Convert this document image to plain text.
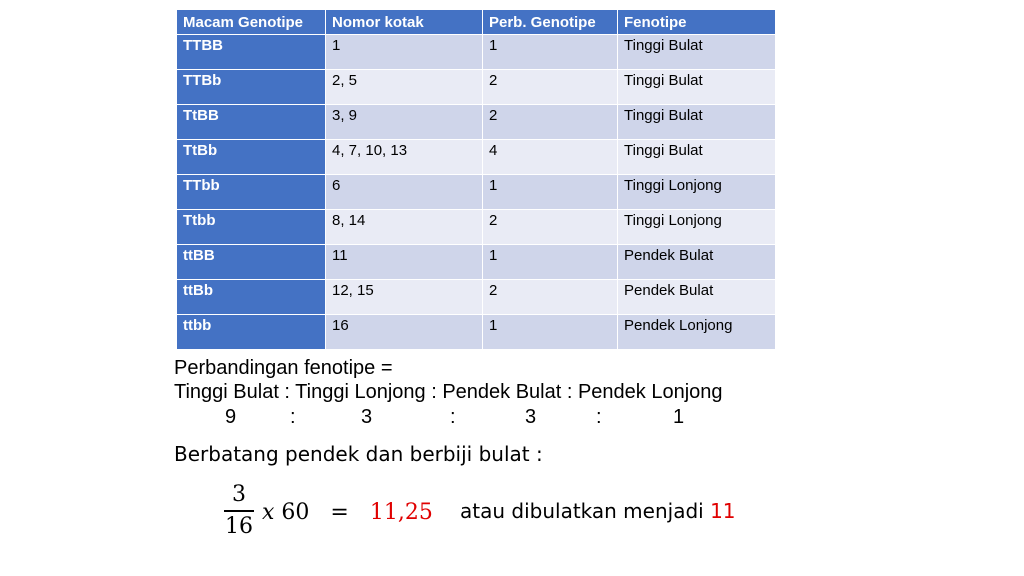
Macam Genotipe	Nomor kotak	Perb. Genotipe	Fenotipe
TTBB	1	1	Tinggi Bulat
TTBb	2, 5	2	Tinggi Bulat
TtBB	3, 9	2	Tinggi Bulat
TtBb	4, 7, 10, 13	4	Tinggi Bulat
TTbb	6	1	Tinggi Lonjong
Ttbb	8, 14	2	Tinggi Lonjong
ttBB	11	1	Pendek Bulat
ttBb	12, 15	2	Pendek Bulat
ttbb	16	1	Pendek Lonjong
Perbandingan fenotipe =
Tinggi Bulat : Tinggi Lonjong : Pendek Bulat : Pendek Lonjong
9	:	3	:	3	:	1
Berbatang pendek dan berbiji bulat :
3
16
x 60 = 11,25 atau dibulatkan menjadi 11
